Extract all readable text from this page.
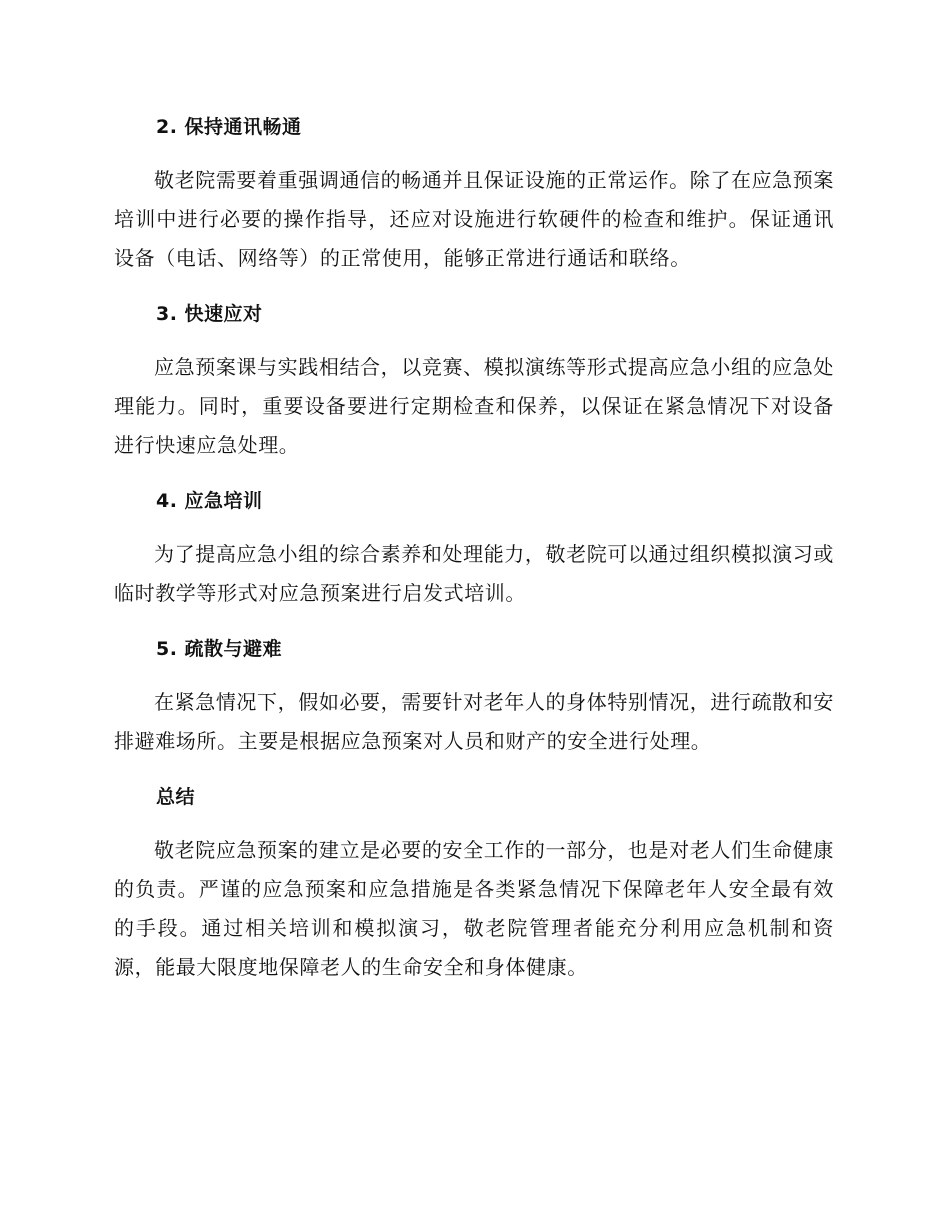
2. 保持通讯畅通

敬老院需要着重强调通信的畅通并且保证设施的正常运作。除了在应急预案培训中进行必要的操作指导，还应对设施进行软硬件的检查和维护。保证通讯设备（电话、网络等）的正常使用，能够正常进行通话和联络。

3. 快速应对

应急预案课与实践相结合，以竞赛、模拟演练等形式提高应急小组的应急处理能力。同时，重要设备要进行定期检查和保养，以保证在紧急情况下对设备进行快速应急处理。

4. 应急培训

为了提高应急小组的综合素养和处理能力，敬老院可以通过组织模拟演习或临时教学等形式对应急预案进行启发式培训。

5. 疏散与避难

在紧急情况下，假如必要，需要针对老年人的身体特别情况，进行疏散和安排避难场所。主要是根据应急预案对人员和财产的安全进行处理。

总结

敬老院应急预案的建立是必要的安全工作的一部分，也是对老人们生命健康的负责。严谨的应急预案和应急措施是各类紧急情况下保障老年人安全最有效的手段。通过相关培训和模拟演习，敬老院管理者能充分利用应急机制和资源，能最大限度地保障老人的生命安全和身体健康。
